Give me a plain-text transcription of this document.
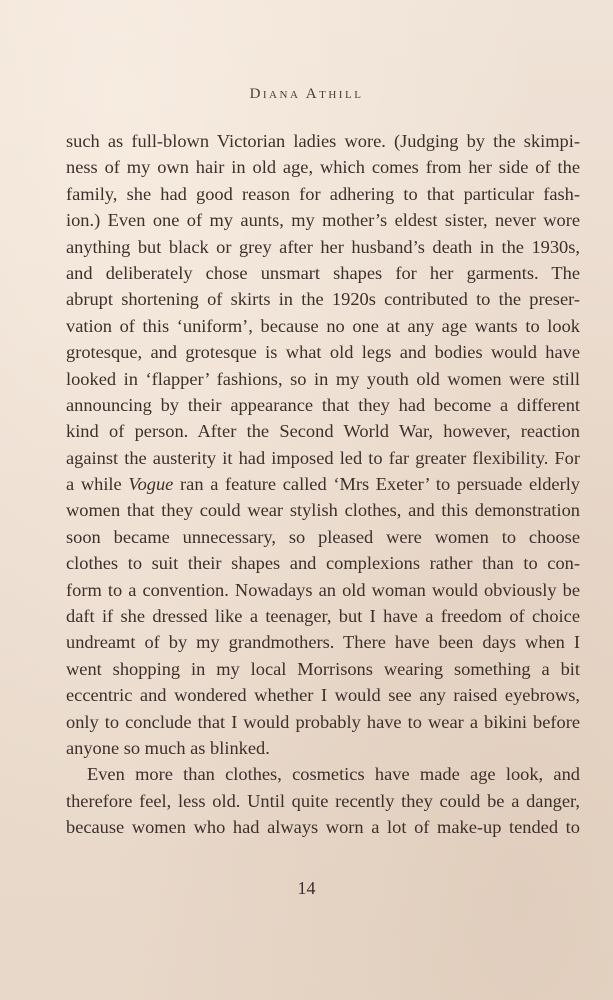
Diana Athill
such as full-blown Victorian ladies wore. (Judging by the skimpi-
ness of my own hair in old age, which comes from her side of the
family, she had good reason for adhering to that particular fash-
ion.) Even one of my aunts, my mother’s eldest sister, never wore
anything but black or grey after her husband’s death in the 1930s,
and deliberately chose unsmart shapes for her garments. The
abrupt shortening of skirts in the 1920s contributed to the preser-
vation of this ‘uniform’, because no one at any age wants to look
grotesque, and grotesque is what old legs and bodies would have
looked in ‘flapper’ fashions, so in my youth old women were still
announcing by their appearance that they had become a different
kind of person. After the Second World War, however, reaction
against the austerity it had imposed led to far greater flexibility. For
a while Vogue ran a feature called ‘Mrs Exeter’ to persuade elderly
women that they could wear stylish clothes, and this demonstration
soon became unnecessary, so pleased were women to choose
clothes to suit their shapes and complexions rather than to con-
form to a convention. Nowadays an old woman would obviously be
daft if she dressed like a teenager, but I have a freedom of choice
undreamt of by my grandmothers. There have been days when I
went shopping in my local Morrisons wearing something a bit
eccentric and wondered whether I would see any raised eyebrows,
only to conclude that I would probably have to wear a bikini before
anyone so much as blinked.
Even more than clothes, cosmetics have made age look, and
therefore feel, less old. Until quite recently they could be a danger,
because women who had always worn a lot of make-up tended to
14
